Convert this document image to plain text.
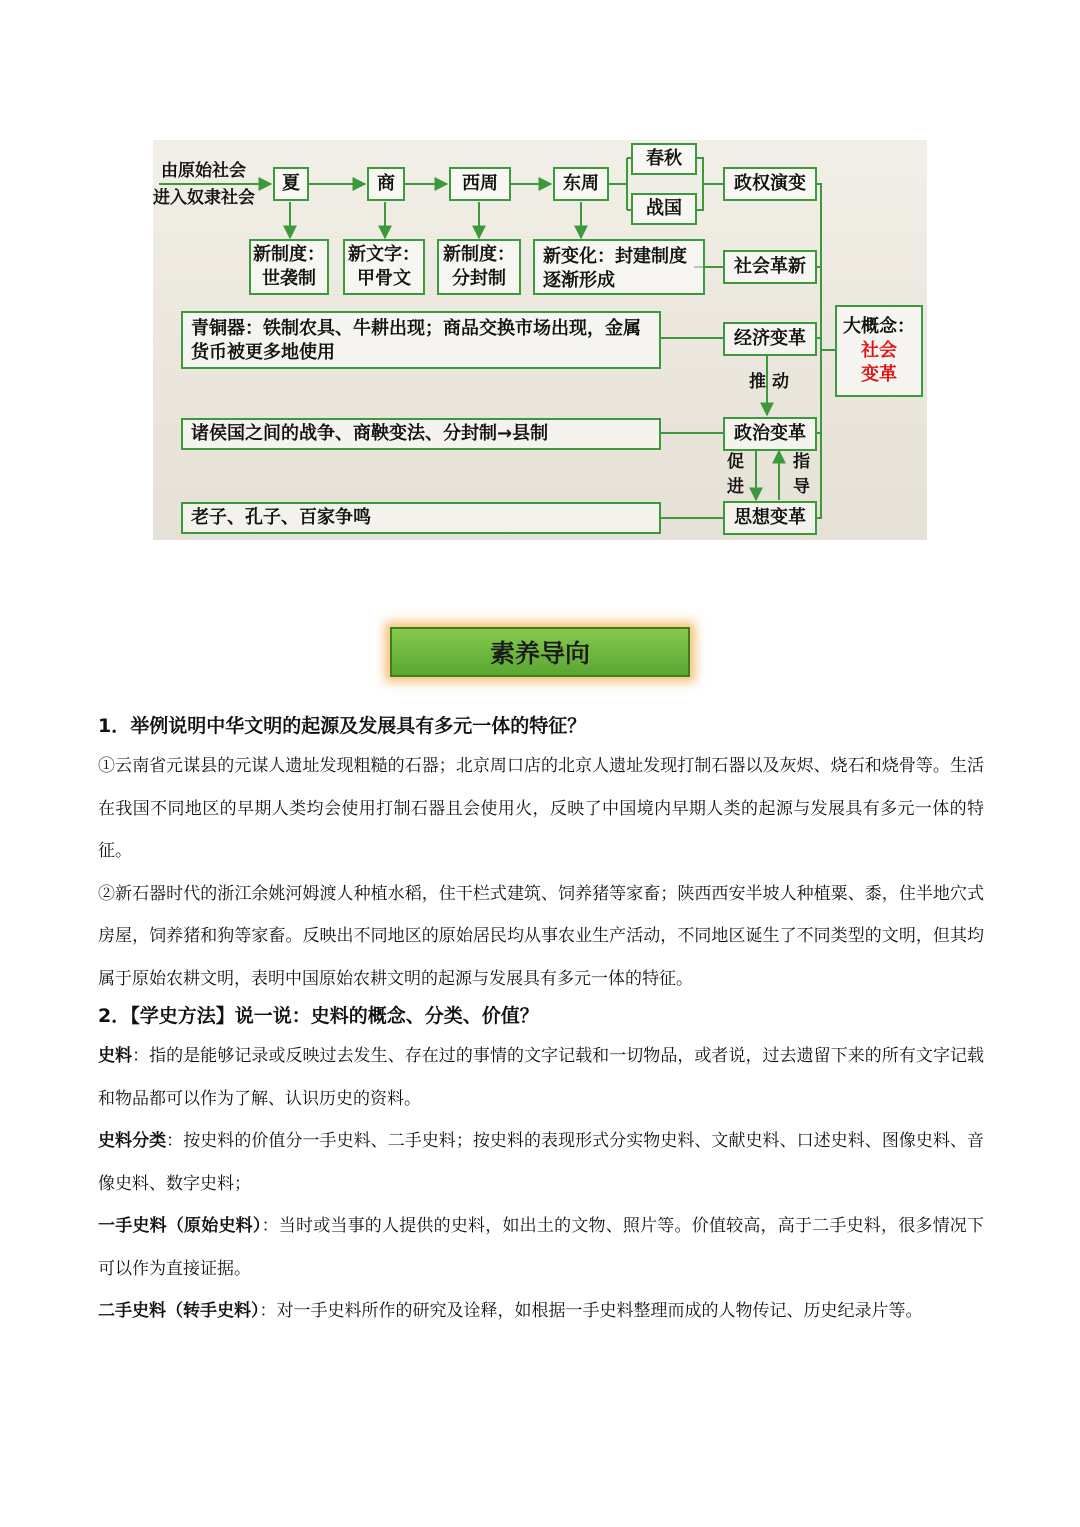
由原始社会
进入奴隶社会
夏	商	西周	东周
春秋
战国
新制度：
世袭制
新文字：
甲骨文
新制度：
分封制
新变化：封建制度
逐渐形成
青铜器：铁制农具、牛耕出现；商品交换市场出现，金属货币被更多地使用
诸侯国之间的战争、商鞅变法、分封制→县制
老子、孔子、百家争鸣
政权演变
社会革新
经济变革
政治变革
思想变革
推动
促
进
指
导
大概念：
社会
变革
素养导向

1．举例说明中华文明的起源及发展具有多元一体的特征？

①云南省元谋县的元谋人遗址发现粗糙的石器；北京周口店的北京人遗址发现打制石器以及灰烬、烧石和烧骨等。生活在我国不同地区的早期人类均会使用打制石器且会使用火，反映了中国境内早期人类的起源与发展具有多元一体的特征。

②新石器时代的浙江余姚河姆渡人种植水稻，住干栏式建筑、饲养猪等家畜；陕西西安半坡人种植粟、黍，住半地穴式房屋，饲养猪和狗等家畜。反映出不同地区的原始居民均从事农业生产活动，不同地区诞生了不同类型的文明，但其均属于原始农耕文明，表明中国原始农耕文明的起源与发展具有多元一体的特征。

2．【学史方法】说一说：史料的概念、分类、价值？

史料：指的是能够记录或反映过去发生、存在过的事情的文字记载和一切物品，或者说，过去遗留下来的所有文字记载和物品都可以作为了解、认识历史的资料。

史料分类：按史料的价值分一手史料、二手史料；按史料的表现形式分实物史料、文献史料、口述史料、图像史料、音像史料、数字史料；

一手史料（原始史料）：当时或当事的人提供的史料，如出土的文物、照片等。价值较高，高于二手史料，很多情况下可以作为直接证据。

二手史料（转手史料）：对一手史料所作的研究及诠释，如根据一手史料整理而成的人物传记、历史纪录片等。
